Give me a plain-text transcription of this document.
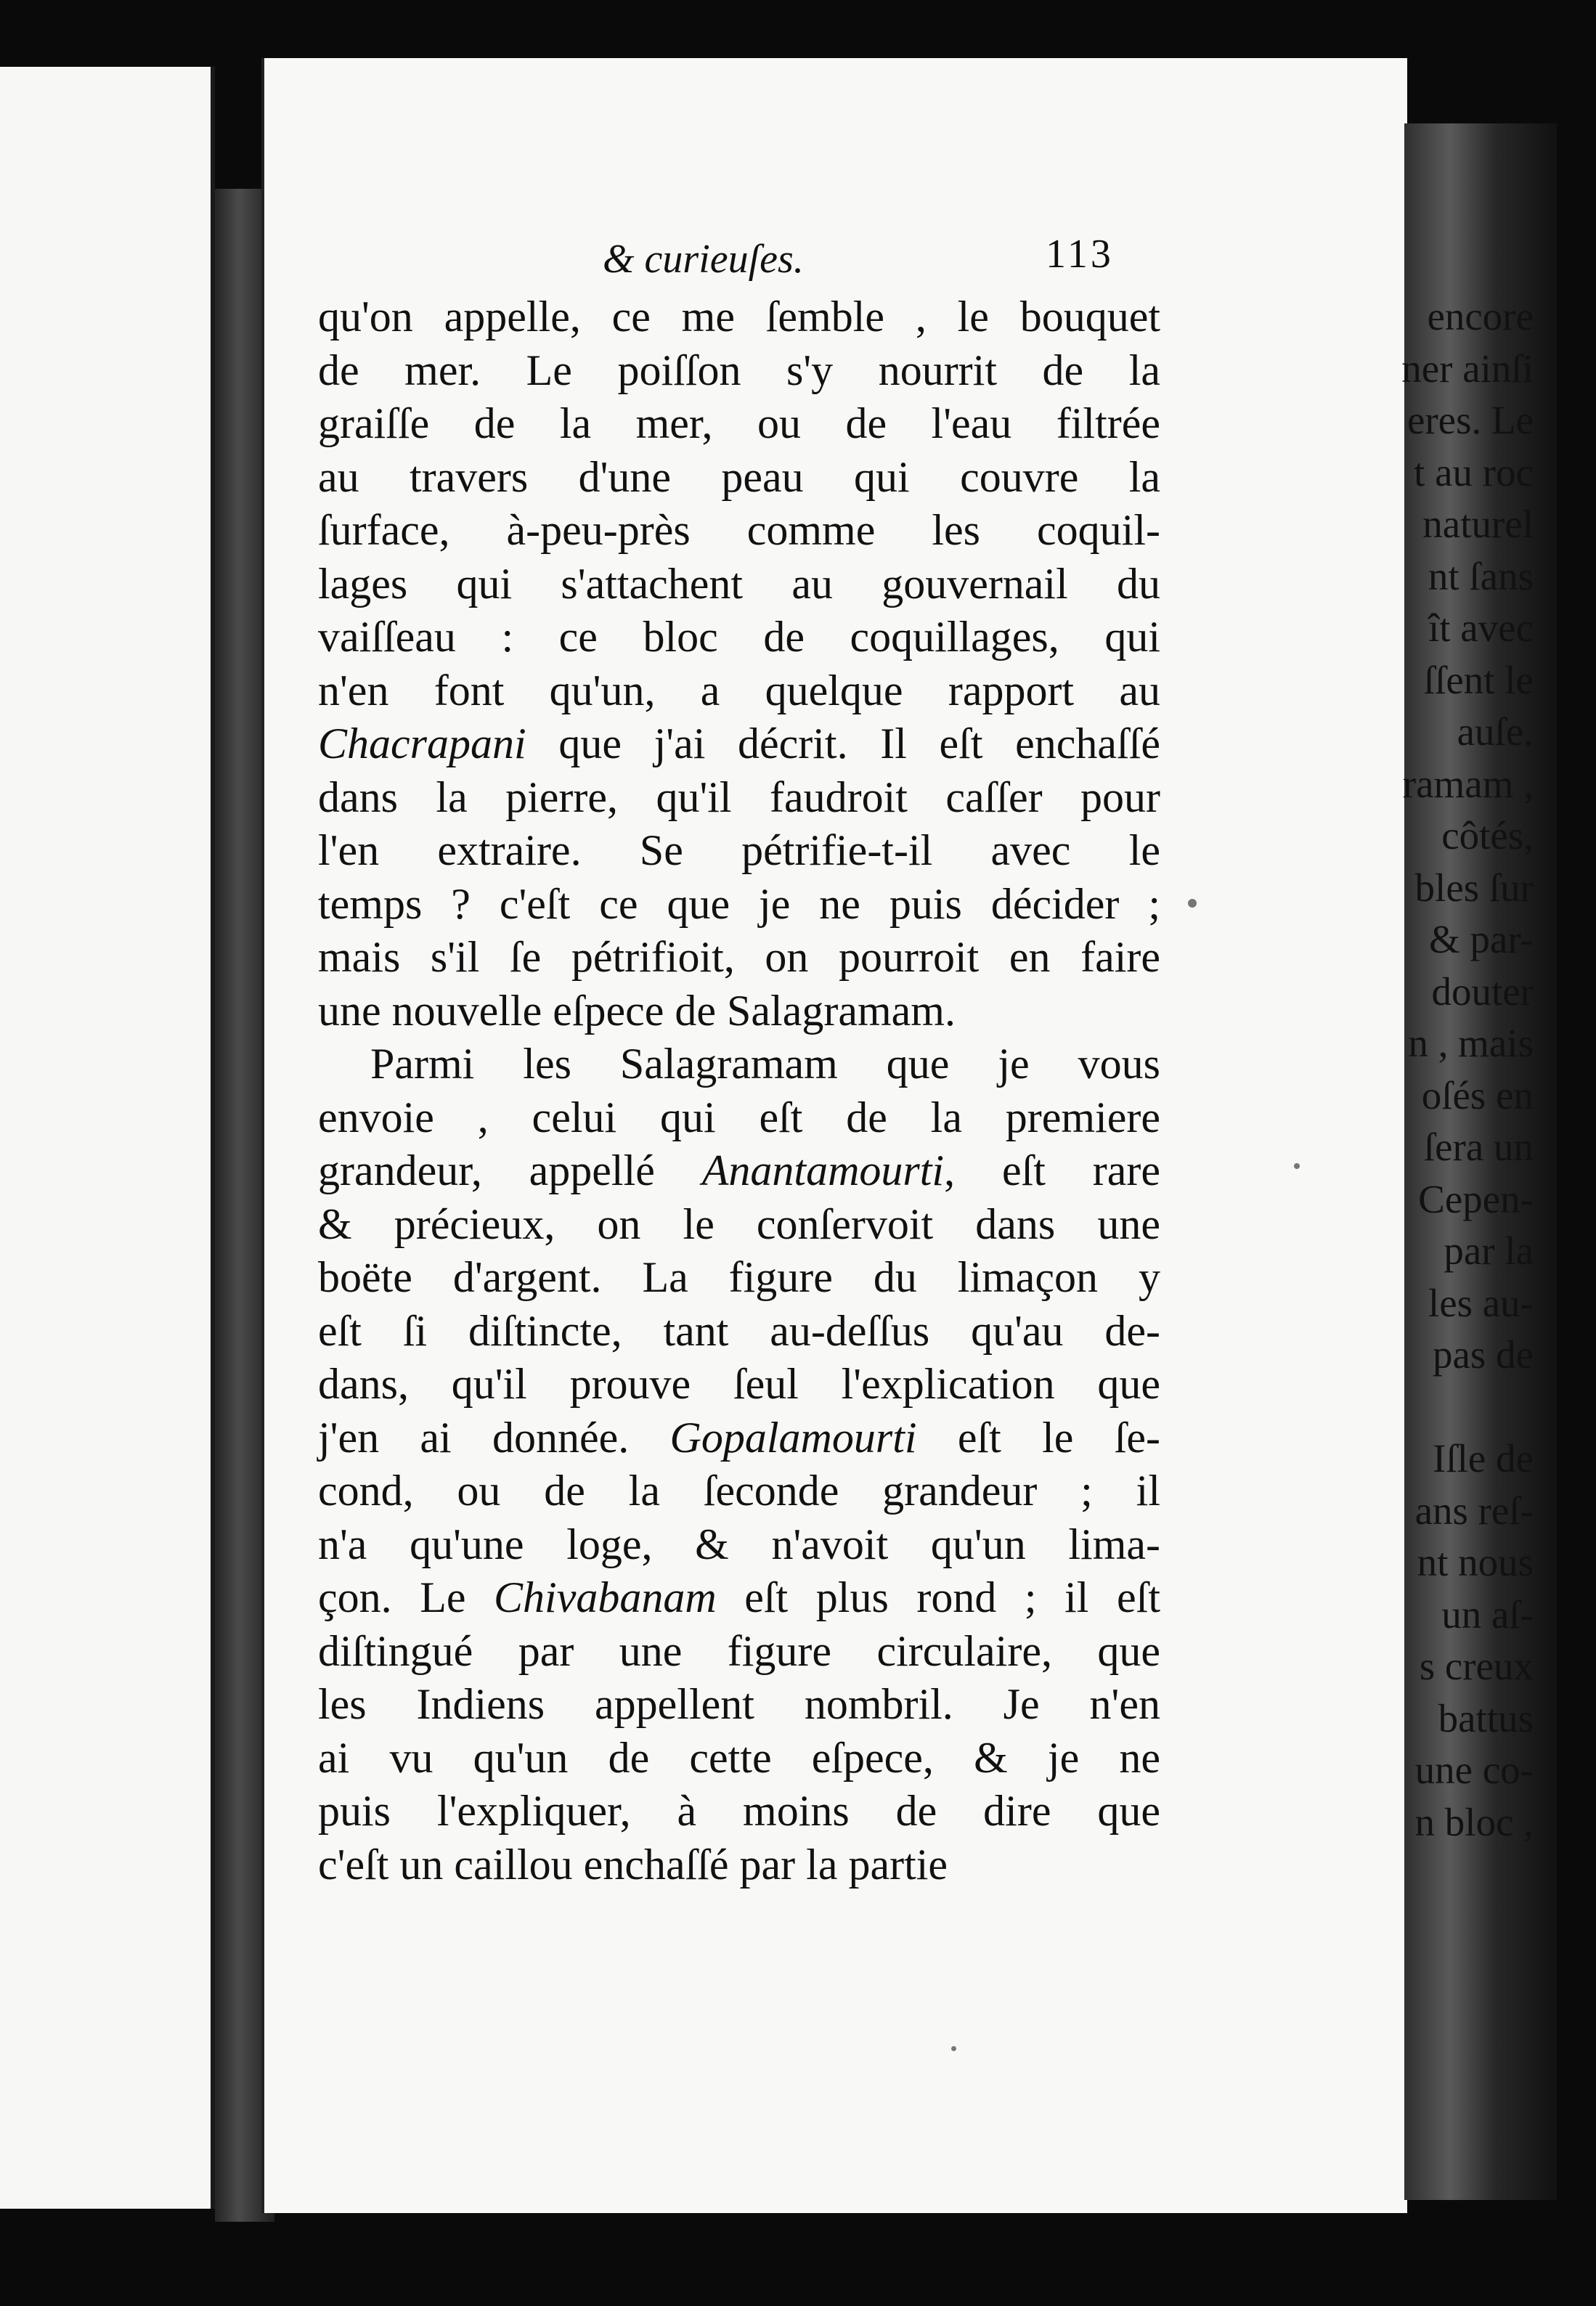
encore
ner ainſi
eres. Le
t au roc
naturel
nt ſans
ît avec
ſſent le
auſe.
ramam ,
côtés,
bles ſur
& par-
douter
n , mais
oſés en
ſera un
Cepen-
par la
les au-
pas de

Iſle de
ans reſ-
nt nous
un aſ-
s creux
battus
une co-
n bloc ,
& curieuſes.	113
qu'on appelle, ce me ſemble , le bouquet
de mer. Le poiſſon s'y nourrit de la
graiſſe de la mer, ou de l'eau filtrée
au travers d'une peau qui couvre la
ſurface, à-peu-près comme les coquil-
lages qui s'attachent au gouvernail du
vaiſſeau : ce bloc de coquillages, qui
n'en font qu'un, a quelque rapport au
Chacrapani que j'ai décrit. Il eſt enchaſſé
dans la pierre, qu'il faudroit caſſer pour
l'en extraire. Se pétrifie-t-il avec le
temps ? c'eſt ce que je ne puis décider ;
mais s'il ſe pétrifioit, on pourroit en faire
une nouvelle eſpece de Salagramam.
Parmi les Salagramam que je vous
envoie , celui qui eſt de la premiere
grandeur, appellé Anantamourti, eſt rare
& précieux, on le conſervoit dans une
boëte d'argent. La figure du limaçon y
eſt ſi diſtincte, tant au-deſſus qu'au de-
dans, qu'il prouve ſeul l'explication que
j'en ai donnée. Gopalamourti eſt le ſe-
cond, ou de la ſeconde grandeur ; il
n'a qu'une loge, & n'avoit qu'un lima-
çon. Le Chivabanam eſt plus rond ; il eſt
diſtingué par une figure circulaire, que
les Indiens appellent nombril. Je n'en
ai vu qu'un de cette eſpece, & je ne
puis l'expliquer, à moins de dire que
c'eſt un caillou enchaſſé par la partie
